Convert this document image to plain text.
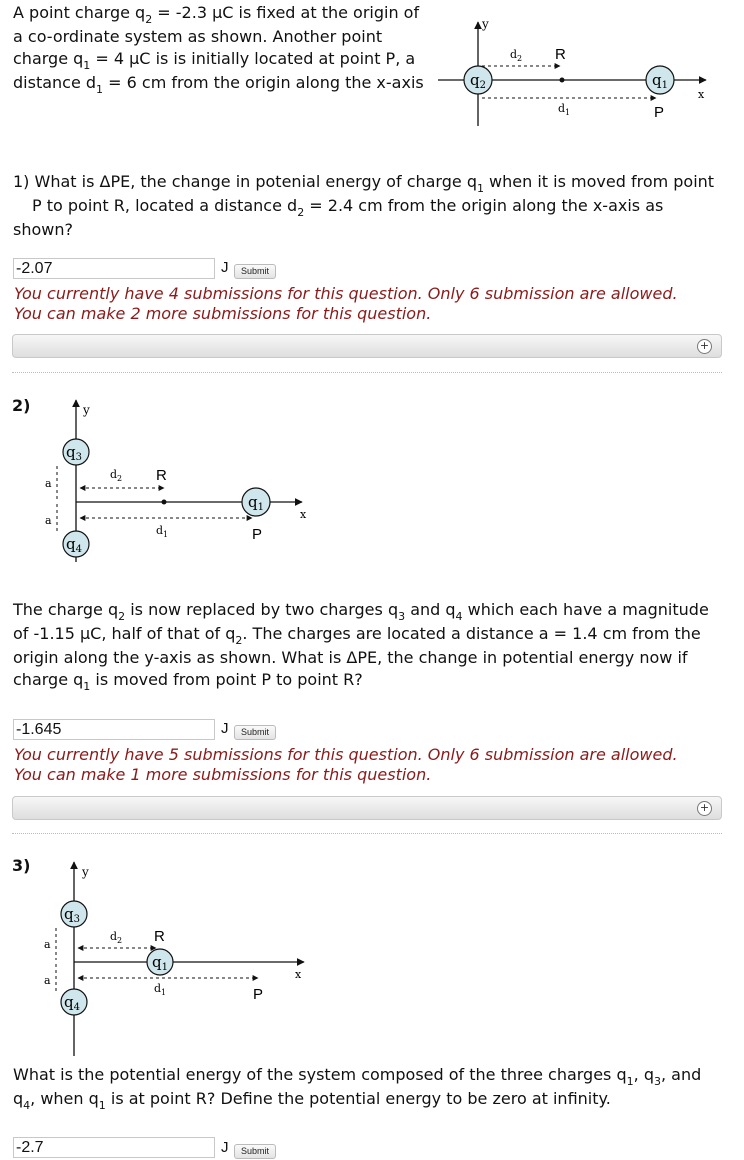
A point charge $q_2 = -2.3$ μC is fixed at the origin of
a co-ordinate system as shown. Another point
charge $q_1 = 4$ μC is is initially located at point P, a
distance $d_1 = 6$ cm from the origin along the x-axis
y
x
$q_2$	$q_1$
$d_2$ R
$d_1$	P
1) What is ΔPE, the change in potenial energy of charge $q_1$ when it is moved from point
P to point R, located a distance $d_2 = 2.4$ cm from the origin along the x-axis as
shown?
-2.07
J	Submit
You currently have 4 submissions for this question. Only 6 submission are allowed.
You can make 2 more submissions for this question.
+
2)	y
x
$q_3$
$q_4$
a
a
$d_2$ R
$q_1$
$d_1$	P
The charge $q_2$ is now replaced by two charges $q_3$ and $q_4$ which each have a magnitude
of -1.15 μC, half of that of $q_2$. The charges are located a distance a = 1.4 cm from the
origin along the y-axis as shown. What is ΔPE, the change in potential energy now if
charge $q_1$ is moved from point P to point R?
-1.645
J	Submit
You currently have 5 submissions for this question. Only 6 submission are allowed.
You can make 1 more submissions for this question.
+
3)	y
x
$q_3$
$q_4$
a
a
$d_2$ R
$q_1$
$d_1$	P
What is the potential energy of the system composed of the three charges $q_1$, $q_3$, and
$q_4$, when $q_1$ is at point R? Define the potential energy to be zero at infinity.
-2.7
J	Submit
